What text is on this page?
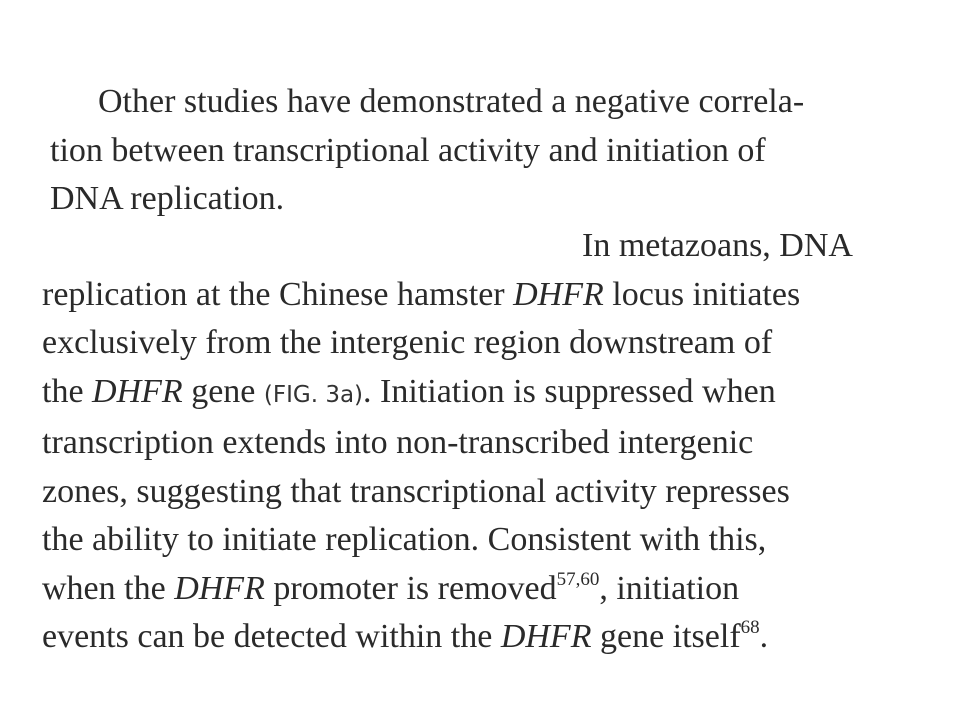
Other studies have demonstrated a negative correla-
tion between transcriptional activity and initiation of
DNA replication.
In metazoans, DNA
replication at the Chinese hamster DHFR locus initiates
exclusively from the intergenic region downstream of
the DHFR gene (FIG. 3a). Initiation is suppressed when
transcription extends into non-transcribed intergenic
zones, suggesting that transcriptional activity represses
the ability to initiate replication. Consistent with this,
when the DHFR promoter is removed$^{57,60}$, initiation
events can be detected within the DHFR gene itself$^{68}$.
